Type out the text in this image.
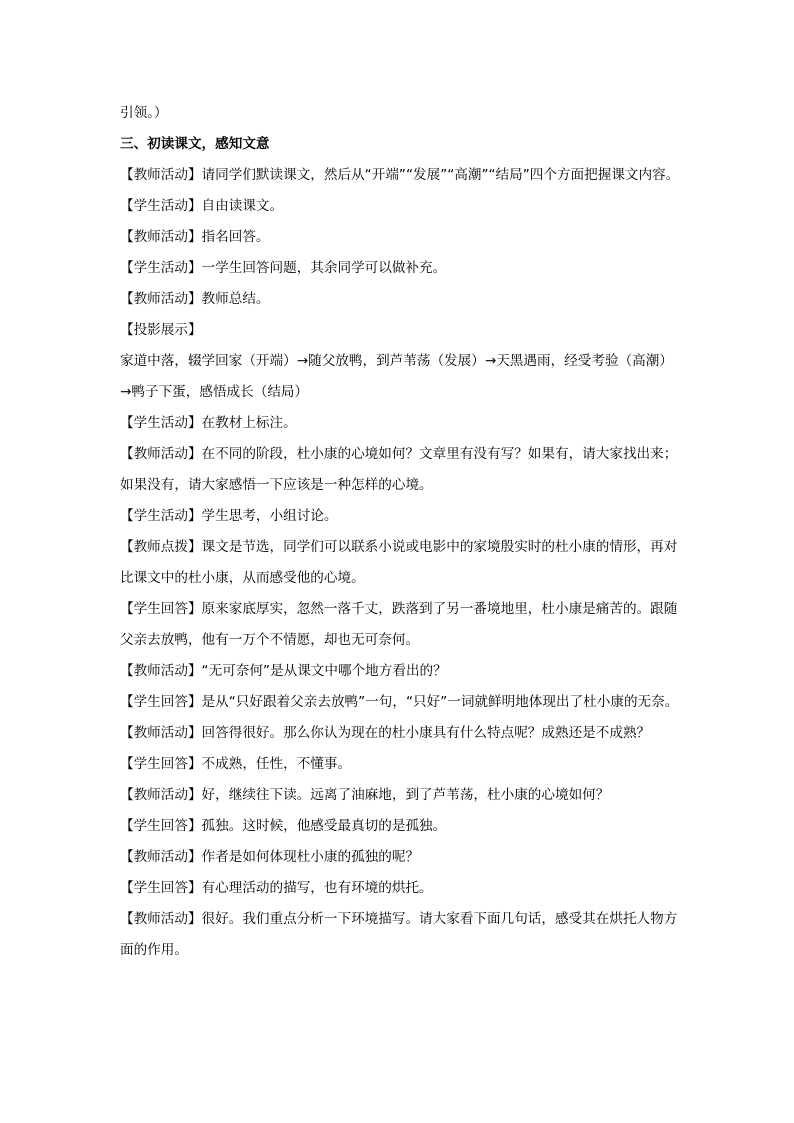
引领。）

三、初读课文，感知文意

【教师活动】请同学们默读课文，然后从“开端”“发展”“高潮”“结局”四个方面把握课文内容。

【学生活动】自由读课文。

【教师活动】指名回答。

【学生活动】一学生回答问题，其余同学可以做补充。

【教师活动】教师总结。

【投影展示】

家道中落，辍学回家（开端）→随父放鸭，到芦苇荡（发展）→天黑遇雨，经受考验（高潮）→鸭子下蛋，感悟成长（结局）

【学生活动】在教材上标注。

【教师活动】在不同的阶段，杜小康的心境如何？文章里有没有写？如果有，请大家找出来；如果没有，请大家感悟一下应该是一种怎样的心境。

【学生活动】学生思考，小组讨论。

【教师点拨】课文是节选，同学们可以联系小说或电影中的家境殷实时的杜小康的情形，再对比课文中的杜小康，从而感受他的心境。

【学生回答】原来家底厚实，忽然一落千丈，跌落到了另一番境地里，杜小康是痛苦的。跟随父亲去放鸭，他有一万个不情愿，却也无可奈何。

【教师活动】“无可奈何”是从课文中哪个地方看出的？

【学生回答】是从“只好跟着父亲去放鸭”一句，“只好”一词就鲜明地体现出了杜小康的无奈。

【教师活动】回答得很好。那么你认为现在的杜小康具有什么特点呢？成熟还是不成熟？

【学生回答】不成熟，任性，不懂事。

【教师活动】好，继续往下读。远离了油麻地，到了芦苇荡，杜小康的心境如何？

【学生回答】孤独。这时候，他感受最真切的是孤独。

【教师活动】作者是如何体现杜小康的孤独的呢？

【学生回答】有心理活动的描写，也有环境的烘托。

【教师活动】很好。我们重点分析一下环境描写。请大家看下面几句话，感受其在烘托人物方面的作用。
